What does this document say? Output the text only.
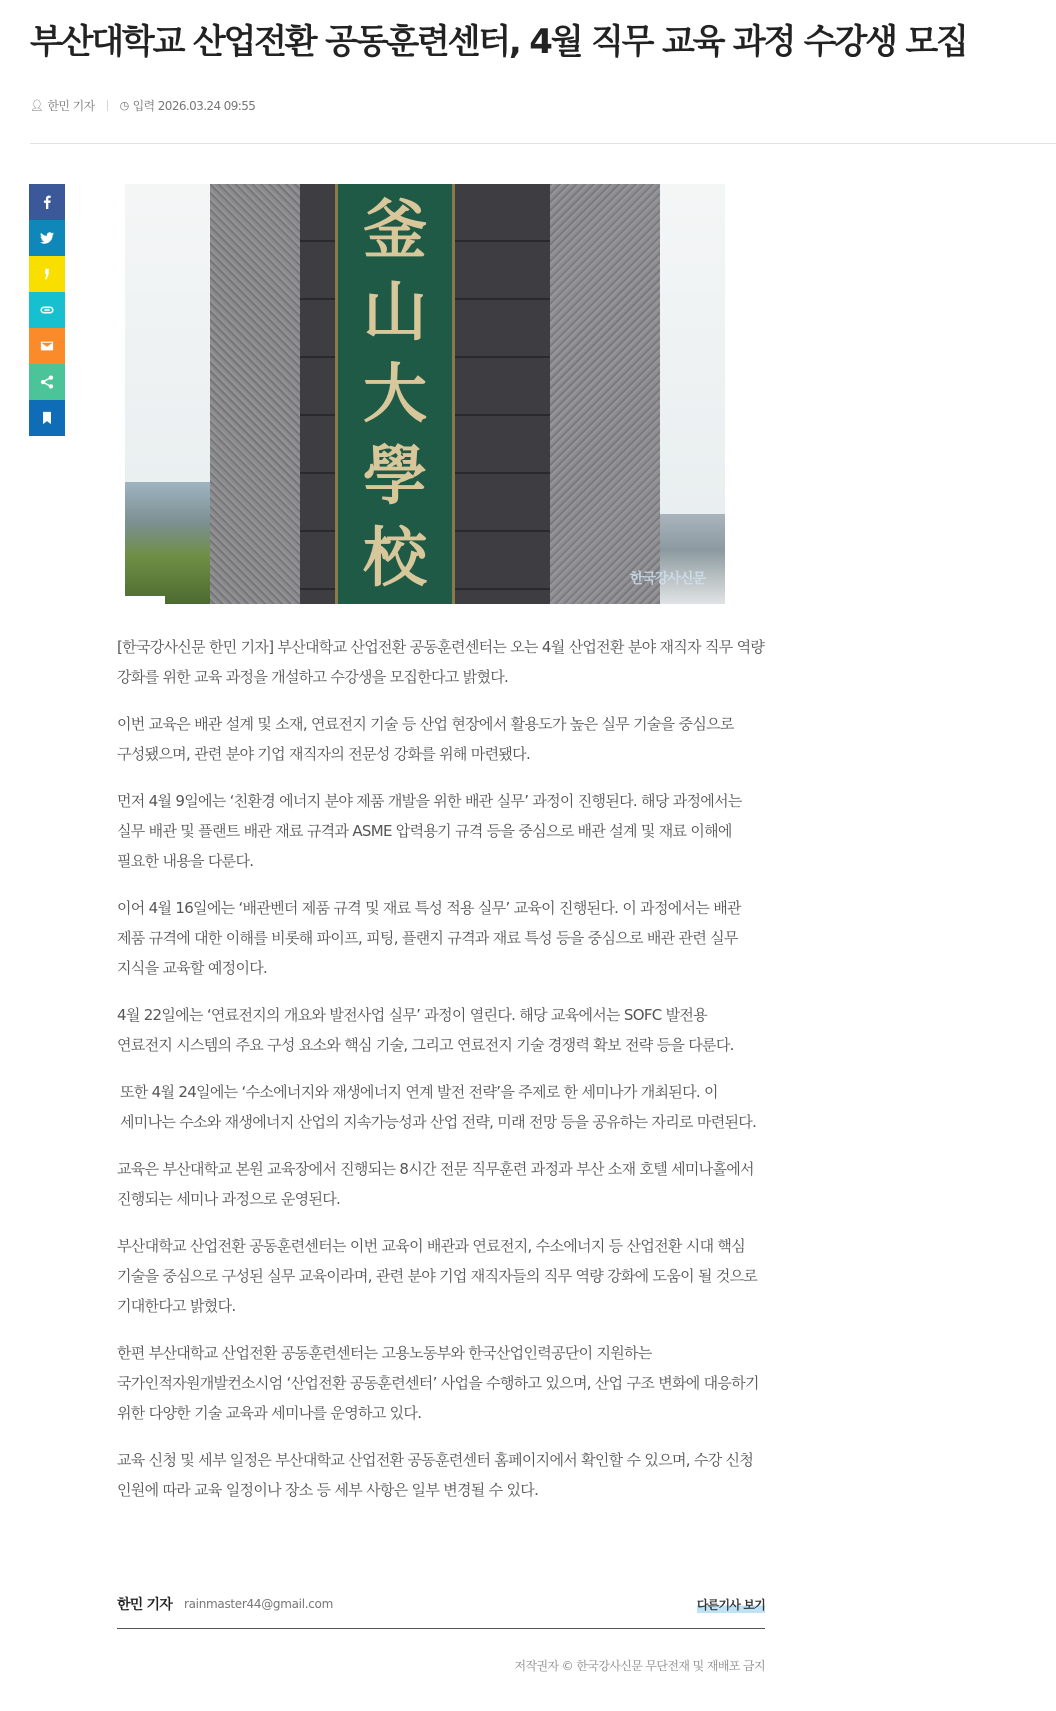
부산대학교 산업전환 공동훈련센터, 4월 직무 교육 과정 수강생 모집
👤︎ 한민 기자 ◷ 입력
2026.03.24 09:55
釜
山
大
學
校	한국강사신문

[한국강사신문 한민 기자] 부산대학교 산업전환 공동훈련센터는 오는 4월 산업전환 분야 재직자 직무 역량 강화를 위한 교육 과정을 개설하고 수강생을 모집한다고 밝혔다.

이번 교육은 배관 설계 및 소재, 연료전지 기술 등 산업 현장에서 활용도가 높은 실무 기술을 중심으로 구성됐으며, 관련 분야 기업 재직자의 전문성 강화를 위해 마련됐다.

먼저 4월 9일에는 ‘친환경 에너지 분야 제품 개발을 위한 배관 실무’ 과정이 진행된다. 해당 과정에서는 실무 배관 및 플랜트 배관 재료 규격과 ASME 압력용기 규격 등을 중심으로 배관 설계 및 재료 이해에 필요한 내용을 다룬다.

이어 4월 16일에는 ‘배관벤더 제품 규격 및 재료 특성 적용 실무’ 교육이 진행된다. 이 과정에서는 배관 제품 규격에 대한 이해를 비롯해 파이프, 피팅, 플랜지 규격과 재료 특성 등을 중심으로 배관 관련 실무 지식을 교육할 예정이다.

4월 22일에는 ‘연료전지의 개요와 발전사업 실무’ 과정이 열린다. 해당 교육에서는 SOFC 발전용 연료전지 시스템의 주요 구성 요소와 핵심 기술, 그리고 연료전지 기술 경쟁력 확보 전략 등을 다룬다.

또한 4월 24일에는 ‘수소에너지와 재생에너지 연계 발전 전략’을 주제로 한 세미나가 개최된다. 이 세미나는 수소와 재생에너지 산업의 지속가능성과 산업 전략, 미래 전망 등을 공유하는 자리로 마련된다.

교육은 부산대학교 본원 교육장에서 진행되는 8시간 전문 직무훈련 과정과 부산 소재 호텔 세미나홀에서 진행되는 세미나 과정으로 운영된다.

부산대학교 산업전환 공동훈련센터는 이번 교육이 배관과 연료전지, 수소에너지 등 산업전환 시대 핵심 기술을 중심으로 구성된 실무 교육이라며, 관련 분야 기업 재직자들의 직무 역량 강화에 도움이 될 것으로 기대한다고 밝혔다.

한편 부산대학교 산업전환 공동훈련센터는 고용노동부와 한국산업인력공단이 지원하는 국가인적자원개발컨소시엄 ‘산업전환 공동훈련센터’ 사업을 수행하고 있으며, 산업 구조 변화에 대응하기 위한 다양한 기술 교육과 세미나를 운영하고 있다.

교육 신청 및 세부 일정은 부산대학교 산업전환 공동훈련센터 홈페이지에서 확인할 수 있으며, 수강 신청 인원에 따라 교육 일정이나 장소 등 세부 사항은 일부 변경될 수 있다.

한민 기자 rainmaster44@gmail.com	다른기사 보기
저작권자 © 한국강사신문 무단전재 및 재배포 금지
